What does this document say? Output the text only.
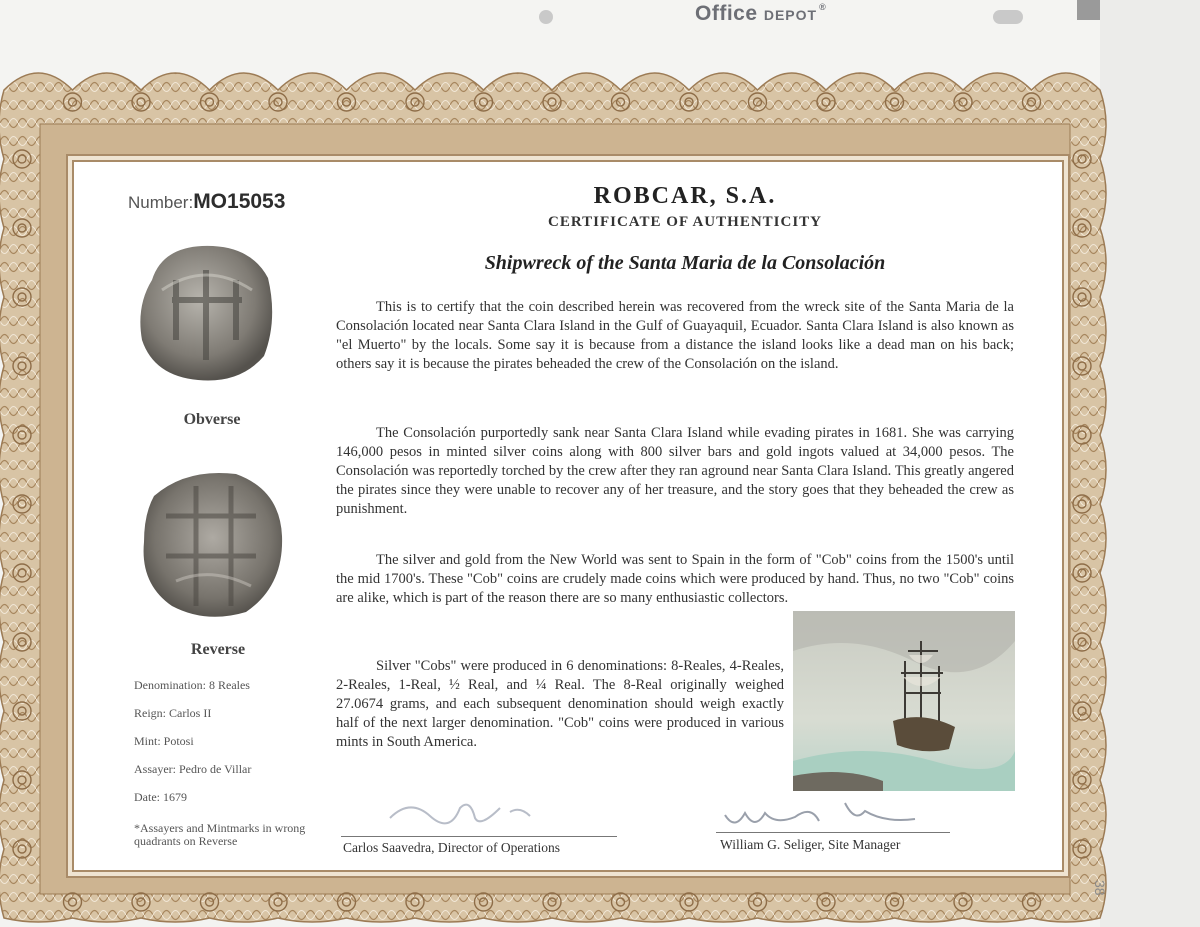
Office DEPOT ®
Number:MO15053
Obverse
Reverse
Denomination: 8 Reales
Reign: Carlos II
Mint: Potosi
Assayer: Pedro de Villar
Date: 1679
*Assayers and Mintmarks in wrong quadrants on Reverse
ROBCAR, S.A.
CERTIFICATE OF AUTHENTICITY
Shipwreck of the Santa Maria de la Consolación

This is to certify that the coin described herein was recovered from the wreck site of the Santa Maria de la Consolación located near Santa Clara Island in the Gulf of Guayaquil, Ecuador. Santa Clara Island is also known as "el Muerto" by the locals. Some say it is because from a distance the island looks like a dead man on his back; others say it is because the pirates beheaded the crew of the Consolación on the island.

The Consolación purportedly sank near Santa Clara Island while evading pirates in 1681. She was carrying 146,000 pesos in minted silver coins along with 800 silver bars and gold ingots valued at 34,000 pesos. The Consolación was reportedly torched by the crew after they ran aground near Santa Clara Island. This greatly angered the pirates since they were unable to recover any of her treasure, and the story goes that they beheaded the crew as punishment.

The silver and gold from the New World was sent to Spain in the form of "Cob" coins from the 1500's until the mid 1700's. These "Cob" coins are crudely made coins which were produced by hand. Thus, no two "Cob" coins are alike, which is part of the reason there are so many enthusiastic collectors.

Silver "Cobs" were produced in 6 denominations: 8-Reales, 4-Reales, 2-Reales, 1-Real, ½ Real, and ¼ Real. The 8-Real originally weighed 27.0674 grams, and each subsequent denomination should weigh exactly half of the next larger denomination. "Cob" coins were produced in various mints in South America.

Carlos Saavedra, Director of Operations	William G. Seliger, Site Manager
38
